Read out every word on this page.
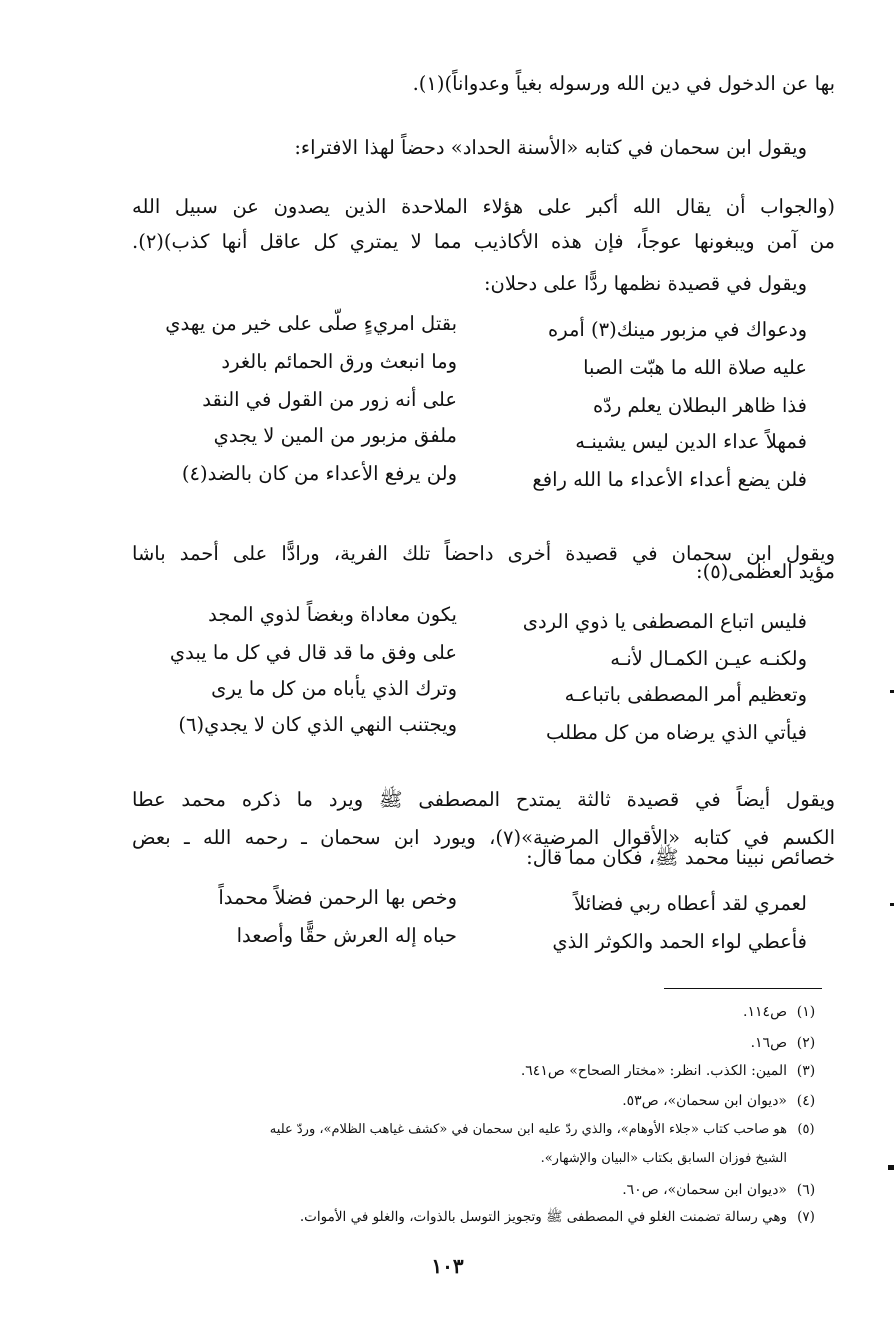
بها عن الدخول في دين الله ورسوله بغياً وعدواناً)(١).

ويقول ابن سحمان في كتابه «الأسنة الحداد» دحضاً لهذا الافتراء:

(والجواب أن يقال الله أكبر على هؤلاء الملاحدة الذين يصدون عن سبيل الله

من آمن ويبغونها عوجاً، فإن هذه الأكاذيب مما لا يمتري كل عاقل أنها كذب)(٢).

ويقول في قصيدة نظمها ردًّا على دحلان:

ودعواك في مزبور مينك(٣) أمره

بقتل امريءٍ صلّى على خير من يهدي

عليه صلاة الله ما هبّت الصبا

وما انبعث ورق الحمائم بالغرد

فذا ظاهر البطلان يعلم ردّه

على أنه زور من القول في النقد

فمهلاً عداء الدين ليس يشينـه

ملفق مزبور من المين لا يجدي

فلن يضع أعداء الأعداء ما الله رافع

ولن يرفع الأعداء من كان بالضد(٤)

ويقول ابن سحمان في قصيدة أخرى داحضاً تلك الفرية، ورادًّا على أحمد باشا

مؤيد العظمى(٥):

فليس اتباع المصطفى يا ذوي الردى

يكون معاداة وبغضاً لذوي المجد

ولكنـه عيـن الكمـال لأنـه

على وفق ما قد قال في كل ما يبدي

وتعظيم أمر المصطفى باتباعـه

وترك الذي يأباه من كل ما يرى

فيأتي الذي يرضاه من كل مطلب

ويجتنب النهي الذي كان لا يجدي(٦)

ويقول أيضاً في قصيدة ثالثة يمتدح المصطفى ﷺ ويرد ما ذكره محمد عطا

الكسم في كتابه «الأقوال المرضية»(٧)، ويورد ابن سحمان ـ رحمه الله ـ بعض

خصائص نبينا محمد ﷺ، فكان مما قال:

لعمري لقد أعطاه ربي فضائلاً

وخص بها الرحمن فضلاً محمداً

فأعطي لواء الحمد والكوثر الذي

حباه إله العرش حقًّا وأصعدا

(١)ص١١٤.

(٢)ص١٦.

(٣)المين: الكذب. انظر: «مختار الصحاح» ص٦٤١.

(٤)«ديوان ابن سحمان»، ص٥٣.

(٥)هو صاحب كتاب «جلاء الأوهام»، والذي ردّ عليه ابن سحمان في «كشف غياهب الظلام»، وردّ عليه

الشيخ فوزان السابق بكتاب «البيان والإشهار».

(٦)«ديوان ابن سحمان»، ص٦٠.

(٧)وهي رسالة تضمنت الغلو في المصطفى ﷺ وتجويز التوسل بالذوات، والغلو في الأموات.

١٠٣
